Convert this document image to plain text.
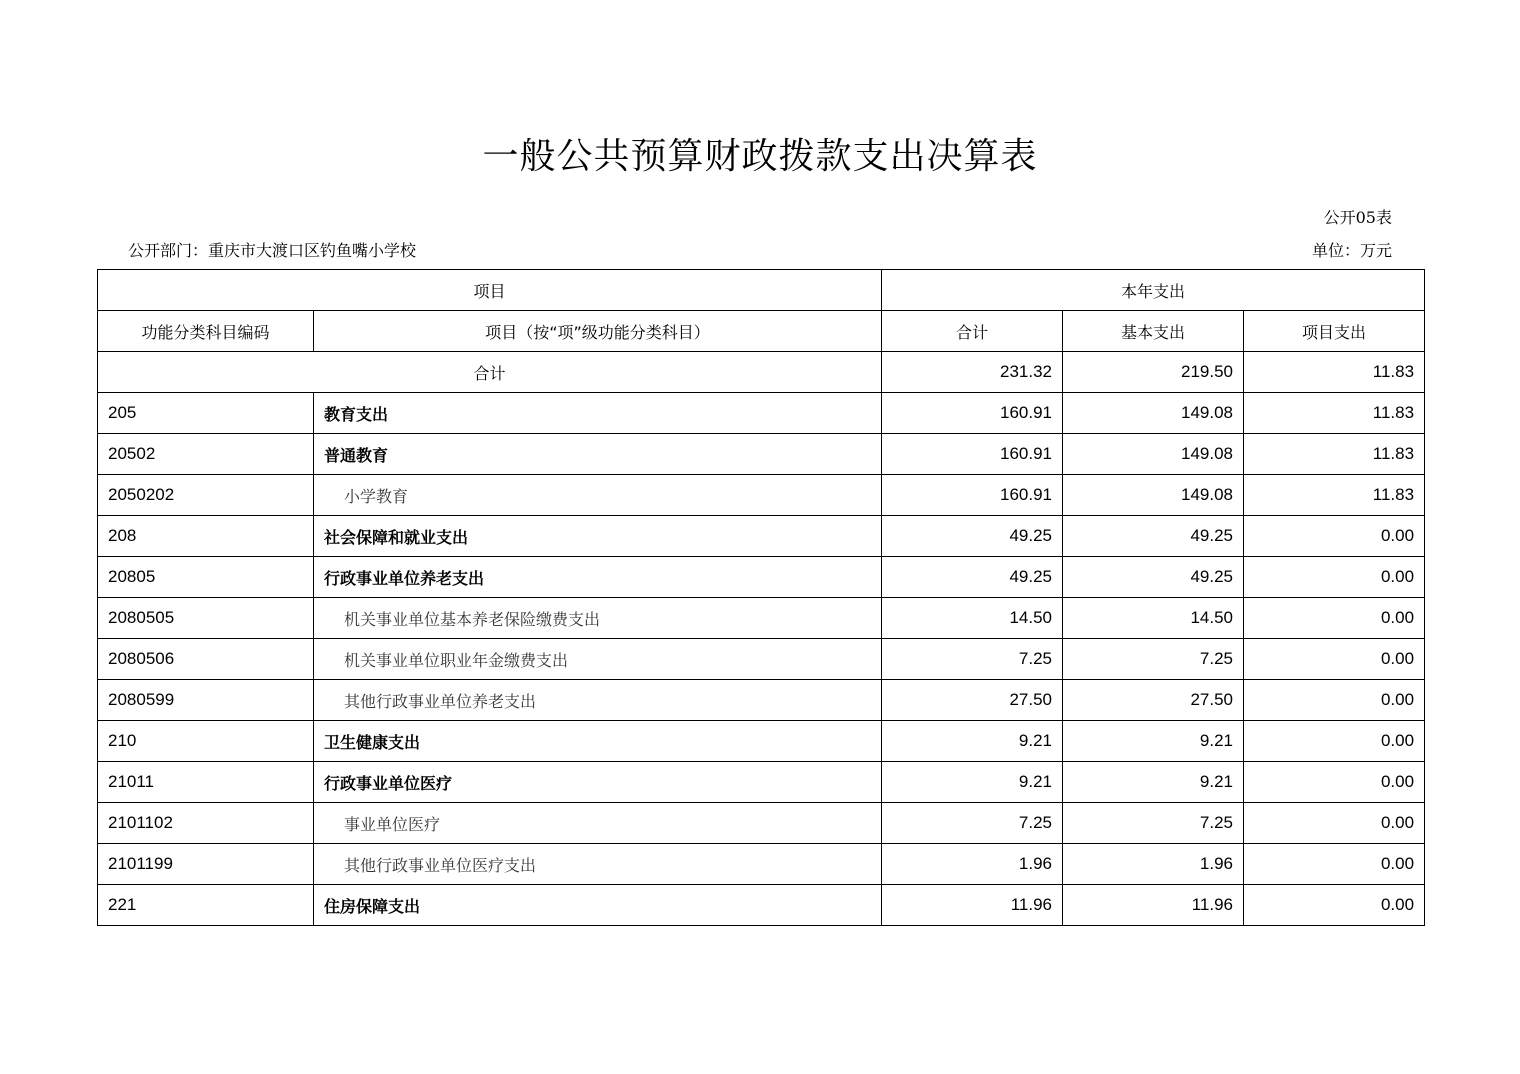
一般公共预算财政拨款支出决算表
公开05表
公开部门：重庆市大渡口区钓鱼嘴小学校	单位：万元
项目		本年支出		
功能分类科目编码	项目（按“项”级功能分类科目）	合计	基本支出	项目支出
合计		231.32	219.50	11.83
205	教育支出	160.91	149.08	11.83
20502	普通教育	160.91	149.08	11.83
2050202	小学教育	160.91	149.08	11.83
208	社会保障和就业支出	49.25	49.25	0.00
20805	行政事业单位养老支出	49.25	49.25	0.00
2080505	机关事业单位基本养老保险缴费支出	14.50	14.50	0.00
2080506	机关事业单位职业年金缴费支出	7.25	7.25	0.00
2080599	其他行政事业单位养老支出	27.50	27.50	0.00
210	卫生健康支出	9.21	9.21	0.00
21011	行政事业单位医疗	9.21	9.21	0.00
2101102	事业单位医疗	7.25	7.25	0.00
2101199	其他行政事业单位医疗支出	1.96	1.96	0.00
221	住房保障支出	11.96	11.96	0.00
